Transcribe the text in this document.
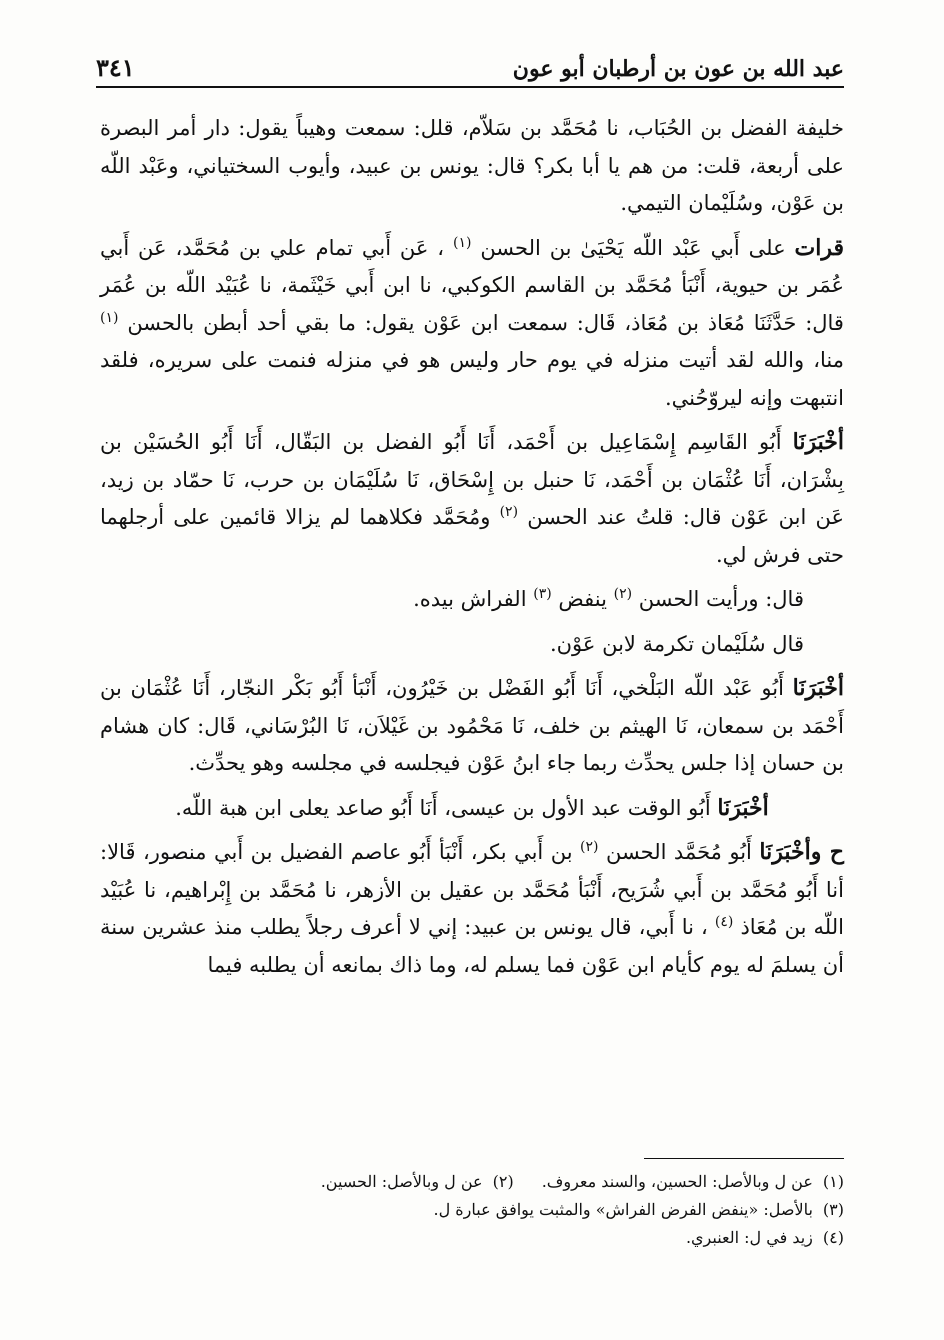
عبد الله بن عون بن أرطبان أبو عون
٣٤١

خليفة الفضل بن الحُبَاب، نا مُحَمَّد بن سَلاّم، قلل: سمعت وهيباً يقول: دار أمر البصرة على أربعة، قلت: من هم يا أبا بكر؟ قال: يونس بن عبيد، وأيوب السختياني، وعَبْد اللّه بن عَوْن، وسُلَيْمان التيمي.

قرات على أَبي عَبْد اللّه يَحْيَىٰ بن الحسن $^{(١)}$ ، عَن أَبي تمام علي بن مُحَمَّد، عَن أَبي عُمَر بن حيوية، أَنْبَأ مُحَمَّد بن القاسم الكوكبي، نا ابن أَبي خَيْثَمة، نا عُبَيْد اللّه بن عُمَر قال: حَدَّثَنَا مُعَاذ بن مُعَاذ، قَال: سمعت ابن عَوْن يقول: ما بقي أحد أبطن بالحسن $^{(١)}$ منا، والله لقد أتيت منزله في يوم حار وليس هو في منزله فنمت على سريره، فلقد انتبهت وإنه ليروّحُني.

أخْبَرَنَا أَبُو القَاسِم إِسْمَاعِيل بن أَحْمَد، أَنَا أَبُو الفضل بن البَقّال، أَنَا أَبُو الحُسَيْن بن بِشْرَان، أَنَا عُثْمَان بن أَحْمَد، نَا حنبل بن إِسْحَاق، نَا سُلَيْمَان بن حرب، نَا حمّاد بن زيد، عَن ابن عَوْن قال: قلتُ عند الحسن $^{(٢)}$ ومُحَمَّد فكلاهما لم يزالا قائمين على أرجلهما حتى فرش لي.

قال: ورأيت الحسن $^{(٢)}$ ينفض $^{(٣)}$ الفراش بيده.

قال سُلَيْمان تكرمة لابن عَوْن.

أخْبَرَنَا أَبُو عَبْد اللّه البَلْخي، أَنَا أَبُو الفَضْل بن خَيْرُون، أَنْبَأ أَبُو بَكْر النجّار، أَنَا عُثْمَان بن أَحْمَد بن سمعان، نَا الهيثم بن خلف، نَا مَحْمُود بن غَيْلاَن، نَا البُرْسَاني، قَال: كان هشام بن حسان إذا جلس يحدِّث ربما جاء ابنُ عَوْن فيجلسه في مجلسه وهو يحدِّث.

أخْبَرَنَا أَبُو الوقت عبد الأول بن عيسى، أَنَا أَبُو صاعد يعلى ابن هبة اللّه.

ح وأخْبَرَنَا أَبُو مُحَمَّد الحسن $^{(٢)}$ بن أَبي بكر، أَنْبَأ أَبُو عاصم الفضيل بن أَبي منصور، قَالا: أنا أَبُو مُحَمَّد بن أَبي شُرَيح، أَنْبَأ مُحَمَّد بن عقيل بن الأزهر، نا مُحَمَّد بن إِبْراهيم، نا عُبَيْد اللّه بن مُعَاذ $^{(٤)}$ ، نا أَبي، قال يونس بن عبيد: إني لا أعرف رجلاً يطلب منذ عشرين سنة أن يسلمَ له يوم كأيام ابن عَوْن فما يسلم له، وما ذاك بمانعه أن يطلبه فيما

(١)عن ل وبالأصل: الحسين، والسند معروف.
(٢)عن ل وبالأصل: الحسين.
(٣)بالأصل: «ينفض الفرض الفراش» والمثبت يوافق عبارة ل.
(٤)زيد في ل: العنبري.
